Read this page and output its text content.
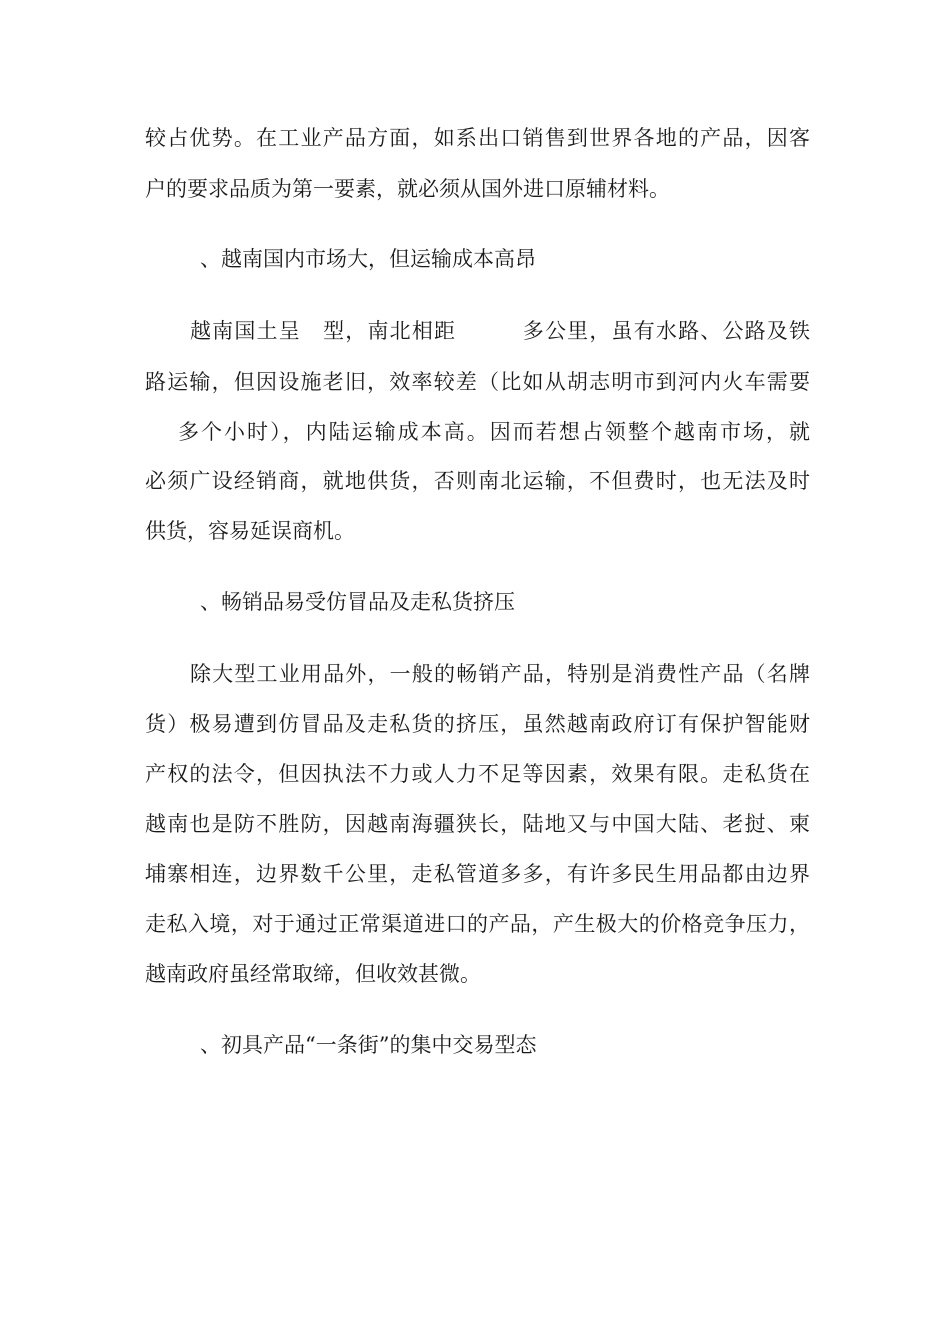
较占优势。在工业产品方面，如系出口销售到世界各地的产品，因客
户的要求品质为第一要素，就必须从国外进口原辅材料。
、越南国内市场大，但运输成本高昂
越南国土呈　型，南北相距　　　多公里，虽有水路、公路及铁
路运输，但因设施老旧，效率较差（比如从胡志明市到河内火车需要
多个小时），内陆运输成本高。因而若想占领整个越南市场，就
必须广设经销商，就地供货，否则南北运输，不但费时，也无法及时
供货，容易延误商机。
、畅销品易受仿冒品及走私货挤压
除大型工业用品外，一般的畅销产品，特别是消费性产品（名牌
货）极易遭到仿冒品及走私货的挤压，虽然越南政府订有保护智能财
产权的法令，但因执法不力或人力不足等因素，效果有限。走私货在
越南也是防不胜防，因越南海疆狭长，陆地又与中国大陆、老挝、柬
埔寨相连，边界数千公里，走私管道多多，有许多民生用品都由边界
走私入境，对于通过正常渠道进口的产品，产生极大的价格竞争压力，
越南政府虽经常取缔，但收效甚微。
、初具产品“一条街”的集中交易型态
